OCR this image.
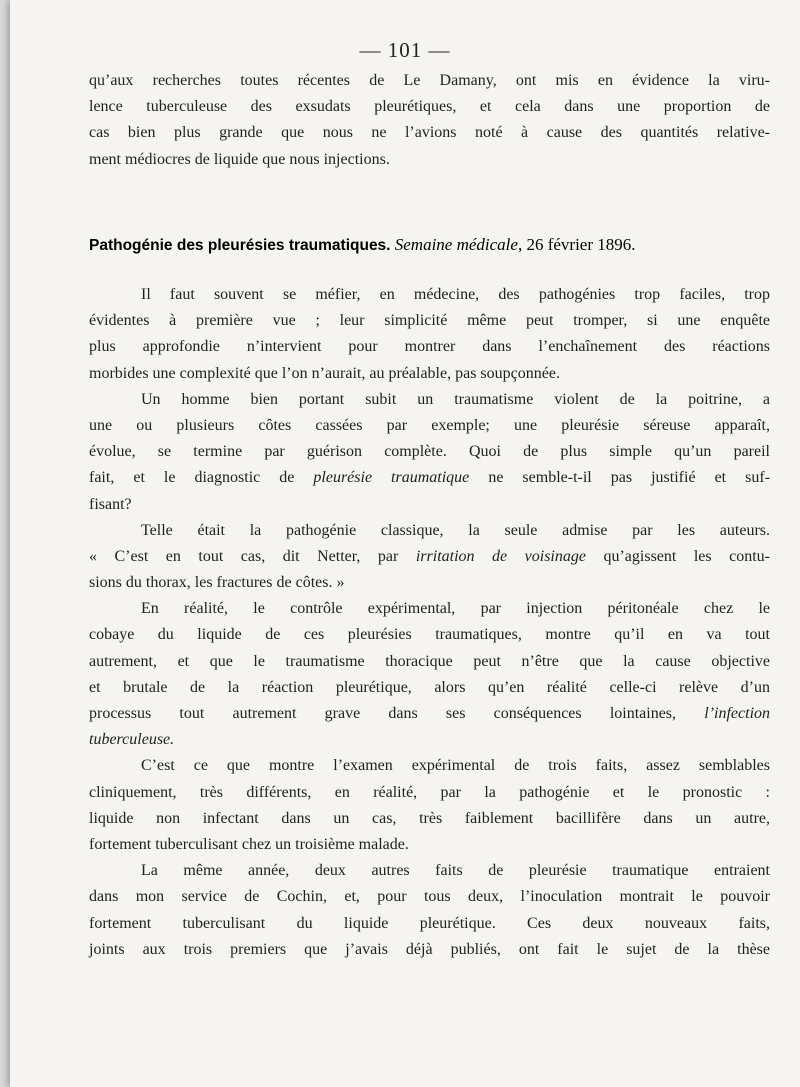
— 101 —
qu’aux recherches toutes récentes de Le Damany, ont mis en évidence la viru-
lence tuberculeuse des exsudats pleurétiques, et cela dans une proportion de
cas bien plus grande que nous ne l’avions noté à cause des quantités relative-
ment médiocres de liquide que nous injections.
Pathogénie des pleurésies traumatiques. Semaine médicale, 26 février 1896.
Il faut souvent se méfier, en médecine, des pathogénies trop faciles, trop
évidentes à première vue ; leur simplicité même peut tromper, si une enquête
plus approfondie n’intervient pour montrer dans l’enchaînement des réactions
morbides une complexité que l’on n’aurait, au préalable, pas soupçonnée.
Un homme bien portant subit un traumatisme violent de la poitrine, a
une ou plusieurs côtes cassées par exemple; une pleurésie séreuse apparaît,
évolue, se termine par guérison complète. Quoi de plus simple qu’un pareil
fait, et le diagnostic de pleurésie traumatique ne semble-t-il pas justifié et suf-
fisant?
Telle était la pathogénie classique, la seule admise par les auteurs.
« C’est en tout cas, dit Netter, par irritation de voisinage qu’agissent les contu-
sions du thorax, les fractures de côtes. »
En réalité, le contrôle expérimental, par injection péritonéale chez le
cobaye du liquide de ces pleurésies traumatiques, montre qu’il en va tout
autrement, et que le traumatisme thoracique peut n’être que la cause objective
et brutale de la réaction pleurétique, alors qu’en réalité celle-ci relève d’un
processus tout autrement grave dans ses conséquences lointaines, l’infection
tuberculeuse.
C’est ce que montre l’examen expérimental de trois faits, assez semblables
cliniquement, très différents, en réalité, par la pathogénie et le pronostic :
liquide non infectant dans un cas, très faiblement bacillifère dans un autre,
fortement tuberculisant chez un troisième malade.
La même année, deux autres faits de pleurésie traumatique entraient
dans mon service de Cochin, et, pour tous deux, l’inoculation montrait le pouvoir
fortement tuberculisant du liquide pleurétique. Ces deux nouveaux faits,
joints aux trois premiers que j’avais déjà publiés, ont fait le sujet de la thèse
